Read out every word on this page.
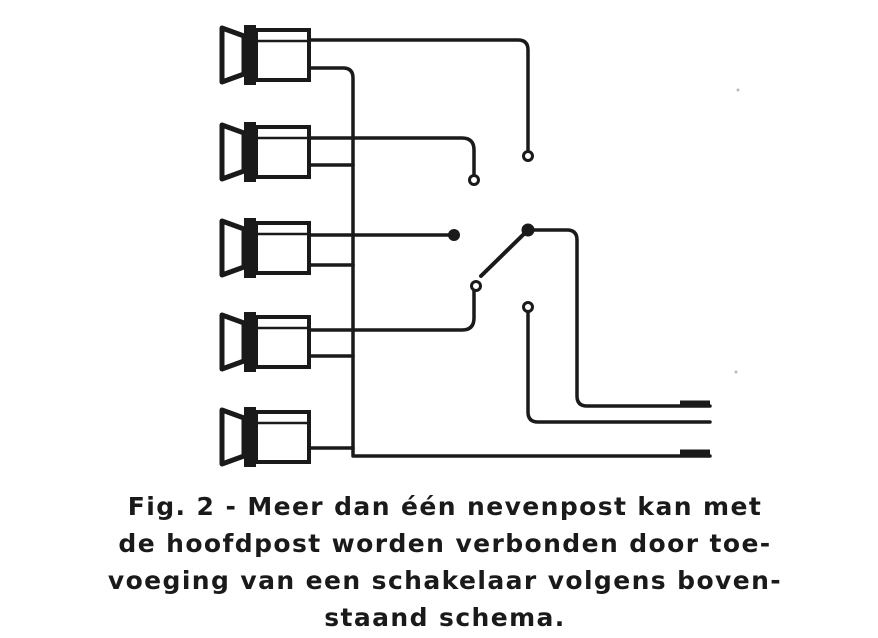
Fig. 2 - Meer dan één nevenpost kan met
de hoofdpost worden verbonden door toe-
voeging van een schakelaar volgens boven-
staand schema.
